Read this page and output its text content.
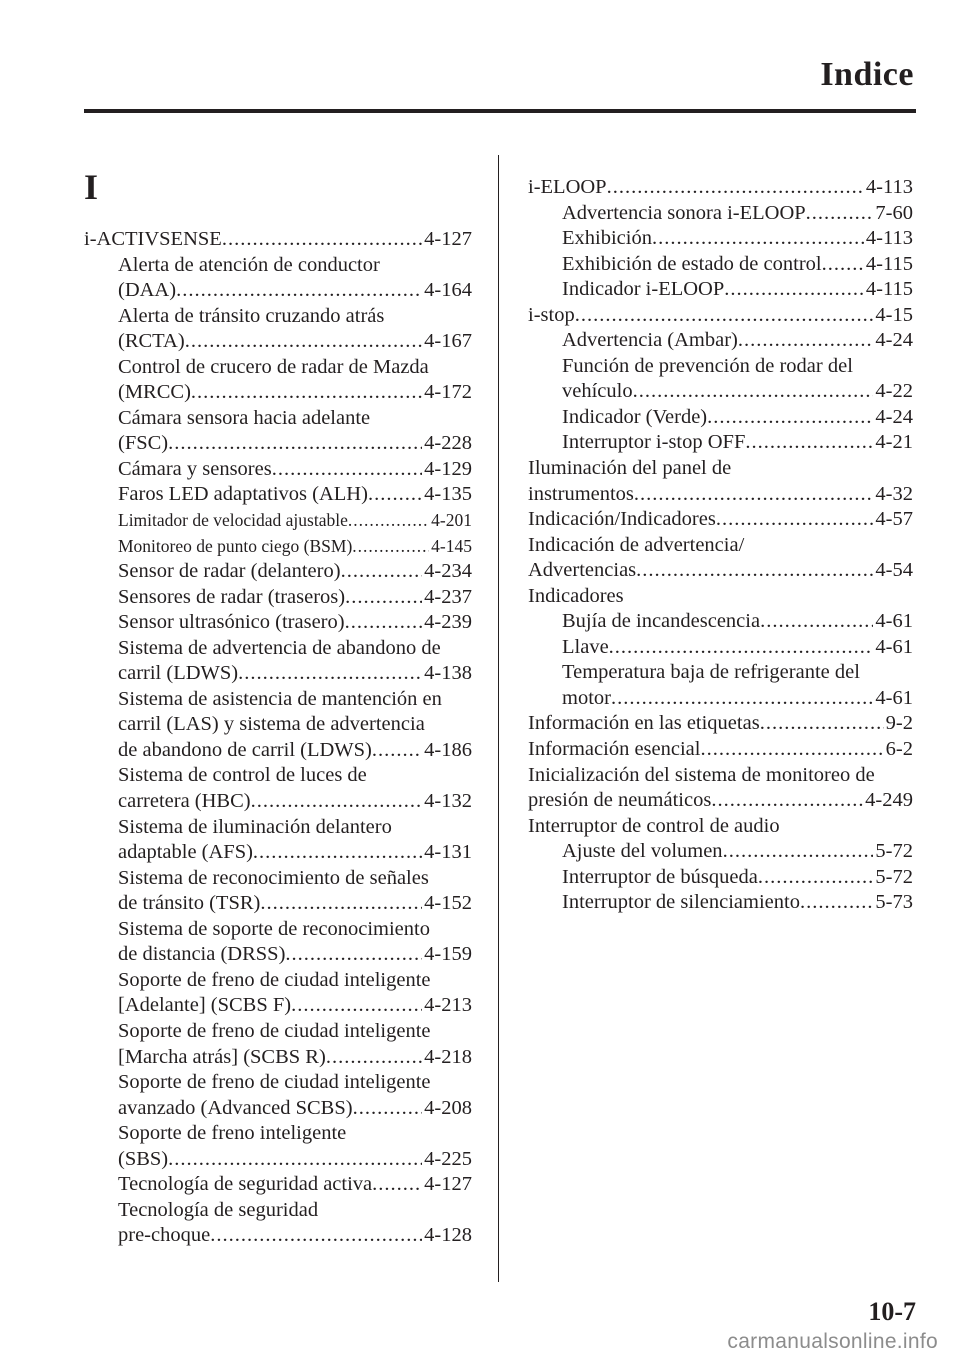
Indice
I
i-ACTIVSENSE .....	4-127
Alerta de atención de conductor
(DAA) .....	4-164
Alerta de tránsito cruzando atrás
(RCTA) .....	4-167
Control de crucero de radar de Mazda
(MRCC) .....	4-172
Cámara sensora hacia adelante
(FSC) .....	4-228
Cámara y sensores .....	4-129
Faros LED adaptativos (ALH) .....	4-135
Limitador de velocidad ajustable .....	4-201
Monitoreo de punto ciego (BSM) .....	4-145
Sensor de radar (delantero) .....	4-234
Sensores de radar (traseros) .....	4-237
Sensor ultrasónico (trasero) .....	4-239
Sistema de advertencia de abandono de
carril (LDWS) .....	4-138
Sistema de asistencia de mantención en
carril (LAS) y sistema de advertencia
de abandono de carril (LDWS) .....	4-186
Sistema de control de luces de
carretera (HBC) .....	4-132
Sistema de iluminación delantero
adaptable (AFS) .....	4-131
Sistema de reconocimiento de señales
de tránsito (TSR) .....	4-152
Sistema de soporte de reconocimiento
de distancia (DRSS) .....	4-159
Soporte de freno de ciudad inteligente
[Adelante] (SCBS F) .....	4-213
Soporte de freno de ciudad inteligente
[Marcha atrás] (SCBS R) .....	4-218
Soporte de freno de ciudad inteligente
avanzado (Advanced SCBS) .....	4-208
Soporte de freno inteligente
(SBS) .....	4-225
Tecnología de seguridad activa .....	4-127
Tecnología de seguridad
pre-choque .....	4-128
i-ELOOP .....	4-113
Advertencia sonora i-ELOOP .....	7-60
Exhibición .....	4-113
Exhibición de estado de control ..... 4-115
Indicador i-ELOOP .....	4-115
i-stop .....	4-15
Advertencia (Ambar) .....	4-24
Función de prevención de rodar del
vehículo .....	4-22
Indicador (Verde) .....	4-24
Interruptor i-stop OFF .....	4-21
Iluminación del panel de
instrumentos .....	4-32
Indicación/Indicadores .....	4-57
Indicación de advertencia/
Advertencias .....	4-54
Indicadores
Bujía de incandescencia .....	4-61
Llave .....	4-61
Temperatura baja de refrigerante del
motor .....	4-61
Información en las etiquetas .....	9-2
Información esencial .....	6-2
Inicialización del sistema de monitoreo de
presión de neumáticos .....	4-249
Interruptor de control de audio
Ajuste del volumen .....	5-72
Interruptor de búsqueda .....	5-72
Interruptor de silenciamiento .....	5-73
10-7
carmanualsonline.info
